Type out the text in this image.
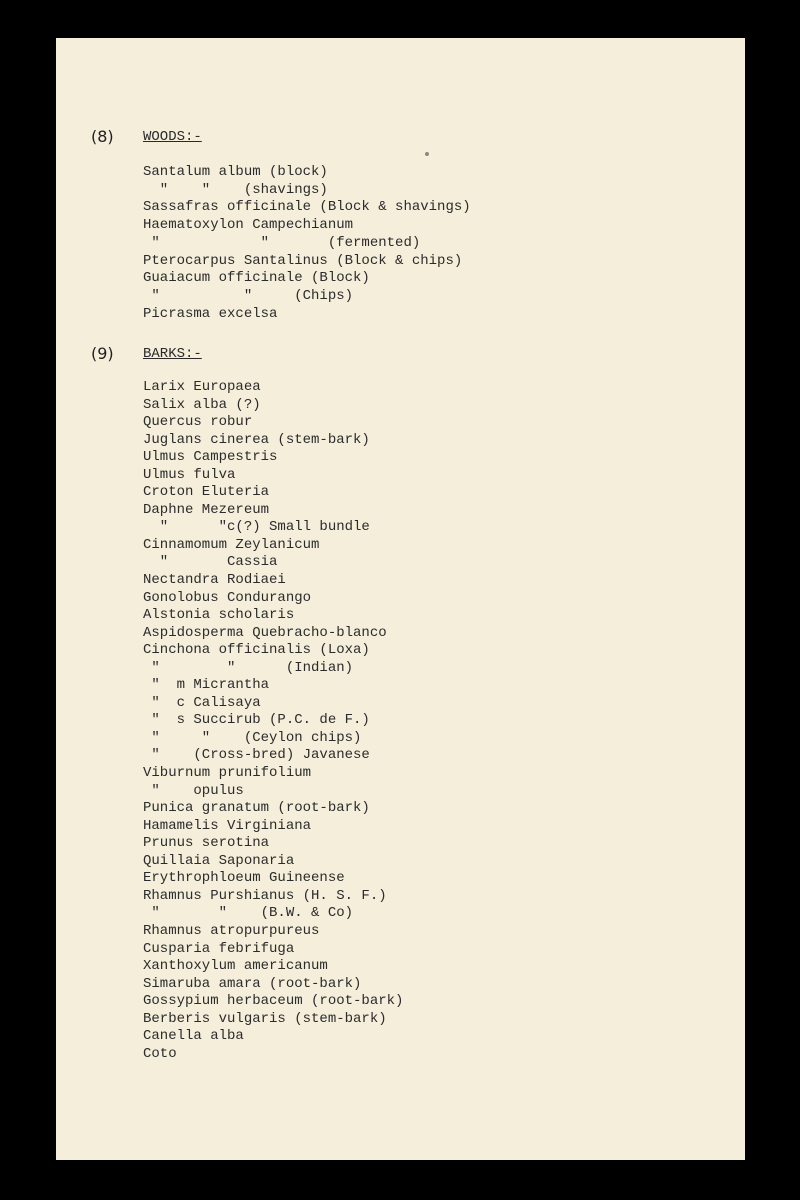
(8) WOODS:-
Santalum album (block)
"    "    (shavings)
Sassafras officinale (Block & shavings)
Haematoxylon Campechianum
"            "       (fermented)
Pterocarpus Santalinus (Block & chips)
Guaiacum officinale (Block)
"          "     (Chips)
Picrasma excelsa
(9) BARKS:-
Larix Europaea
Salix alba (?)
Quercus robur
Juglans cinerea (stem-bark)
Ulmus Campestris
Ulmus fulva
Croton Eluteria
Daphne Mezereum
"      "c(?) Small bundle
Cinnamomum Zeylanicum
"       Cassia
Nectandra Rodiaei
Gonolobus Condurango
Alstonia scholaris
Aspidosperma Quebracho-blanco
Cinchona officinalis (Loxa)
"        "      (Indian)
"  m Micrantha
"  c Calisaya
"  s Succirub (P.C. de F.)
"     "    (Ceylon chips)
"    (Cross-bred) Javanese
Viburnum prunifolium
"    opulus
Punica granatum (root-bark)
Hamamelis Virginiana
Prunus serotina
Quillaia Saponaria
Erythrophloeum Guineense
Rhamnus Purshianus (H. S. F.)
"       "    (B.W. & Co)
Rhamnus atropurpureus
Cusparia febrifuga
Xanthoxylum americanum
Simaruba amara (root-bark)
Gossypium herbaceum (root-bark)
Berberis vulgaris (stem-bark)
Canella alba
Coto
